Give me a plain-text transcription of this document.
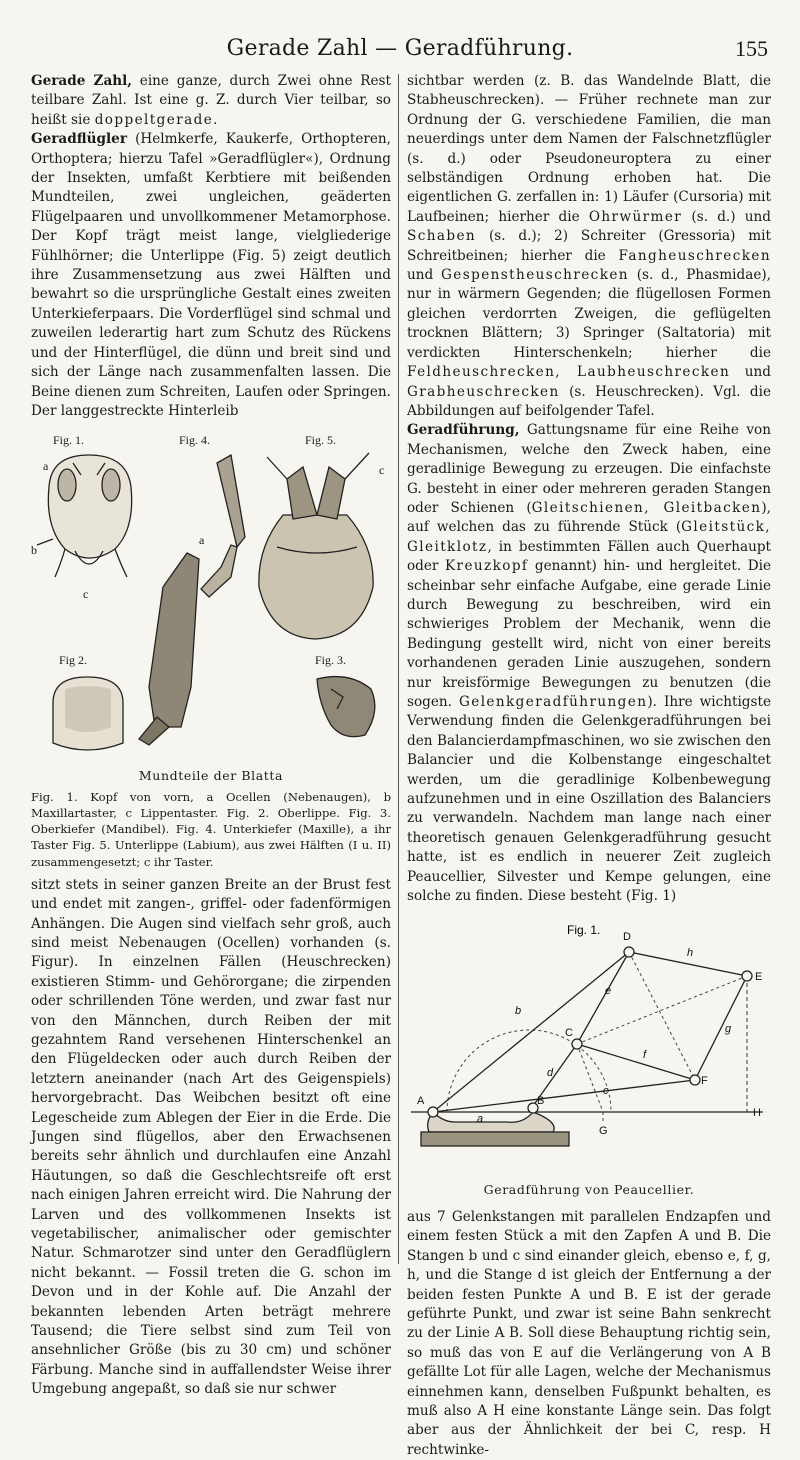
Gerade Zahl — Geradführung.	155

Gerade Zahl, eine ganze, durch Zwei ohne Rest teilbare Zahl. Ist eine g. Z. durch Vier teilbar, so heißt sie doppeltgerade.

Geradflügler (Helmkerfe, Kaukerfe, Orthopteren, Orthoptera; hierzu Tafel »Geradflügler«), Ordnung der Insekten, umfaßt Kerbtiere mit beißenden Mundteilen, zwei ungleichen, geäderten Flügelpaaren und unvollkommener Metamorphose. Der Kopf trägt meist lange, vielgliederige Fühlhörner; die Unterlippe (Fig. 5) zeigt deutlich ihre Zusammensetzung aus zwei Hälften und bewahrt so die ursprüngliche Gestalt eines zweiten Unterkieferpaars. Die Vorderflügel sind schmal und zuweilen lederartig hart zum Schutz des Rückens und der Hinterflügel, die dünn und breit sind und sich der Länge nach zusammenfalten lassen. Die Beine dienen zum Schreiten, Laufen oder Springen. Der langgestreckte Hinterleib

Fig. 1.	Fig. 4.	Fig. 5.
Fig 2.	Fig. 3.
a
b
c
a
c
Mundteile der Blatta
Fig. 1. Kopf von vorn, a Ocellen (Nebenaugen), b Maxillartaster, c Lippentaster. Fig. 2. Oberlippe. Fig. 3. Oberkiefer (Mandibel). Fig. 4. Unterkiefer (Maxille), a ihr Taster Fig. 5. Unterlippe (Labium), aus zwei Hälften (I u. II) zusammengesetzt; c ihr Taster.

sitzt stets in seiner ganzen Breite an der Brust fest und endet mit zangen-, griffel- oder fadenförmigen Anhängen. Die Augen sind vielfach sehr groß, auch sind meist Nebenaugen (Ocellen) vorhanden (s. Figur). In einzelnen Fällen (Heuschrecken) existieren Stimm- und Gehörorgane; die zirpenden oder schrillenden Töne werden, und zwar fast nur von den Männchen, durch Reiben der mit gezahntem Rand versehenen Hinterschenkel an den Flügeldecken oder auch durch Reiben der letztern aneinander (nach Art des Geigenspiels) hervorgebracht. Das Weibchen besitzt oft eine Legescheide zum Ablegen der Eier in die Erde. Die Jungen sind flügellos, aber den Erwachsenen bereits sehr ähnlich und durchlaufen eine Anzahl Häutungen, so daß die Geschlechtsreife oft erst nach einigen Jahren erreicht wird. Die Nahrung der Larven und des vollkommenen Insekts ist vegetabilischer, animalischer oder gemischter Natur. Schmarotzer sind unter den Geradflüglern nicht bekannt. — Fossil treten die G. schon im Devon und in der Kohle auf. Die Anzahl der bekannten lebenden Arten beträgt mehrere Tausend; die Tiere selbst sind zum Teil von ansehnlicher Größe (bis zu 30 cm) und schöner Färbung. Manche sind in auffallendster Weise ihrer Umgebung angepaßt, so daß sie nur schwer

sichtbar werden (z. B. das Wandelnde Blatt, die Stabheuschrecken). — Früher rechnete man zur Ordnung der G. verschiedene Familien, die man neuerdings unter dem Namen der Falschnetzflügler (s. d.) oder Pseudoneuroptera zu einer selbständigen Ordnung erhoben hat. Die eigentlichen G. zerfallen in: 1) Läufer (Cursoria) mit Laufbeinen; hierher die Ohrwürmer (s. d.) und Schaben (s. d.); 2) Schreiter (Gressoria) mit Schreitbeinen; hierher die Fangheuschrecken und Gespenstheuschrecken (s. d., Phasmidae), nur in wärmern Gegenden; die flügellosen Formen gleichen verdorrten Zweigen, die geflügelten trocknen Blättern; 3) Springer (Saltatoria) mit verdickten Hinterschenkeln; hierher die Feldheuschrecken, Laubheuschrecken und Grabheuschrecken (s. Heuschrecken). Vgl. die Abbildungen auf beifolgender Tafel.

Geradführung, Gattungsname für eine Reihe von Mechanismen, welche den Zweck haben, eine geradlinige Bewegung zu erzeugen. Die einfachste G. besteht in einer oder mehreren geraden Stangen oder Schienen (Gleitschienen, Gleitbacken), auf welchen das zu führende Stück (Gleitstück, Gleitklotz, in bestimmten Fällen auch Querhaupt oder Kreuzkopf genannt) hin- und hergleitet. Die scheinbar sehr einfache Aufgabe, eine gerade Linie durch Bewegung zu beschreiben, wird ein schwieriges Problem der Mechanik, wenn die Bedingung gestellt wird, nicht von einer bereits vorhandenen geraden Linie auszugehen, sondern nur kreisförmige Bewegungen zu benutzen (die sogen. Gelenkgeradführungen). Ihre wichtigste Verwendung finden die Gelenkgeradführungen bei den Balancierdampfmaschinen, wo sie zwischen den Balancier und die Kolbenstange eingeschaltet werden, um die geradlinige Kolbenbewegung aufzunehmen und in eine Oszillation des Balanciers zu verwandeln. Nachdem man lange nach einer theoretisch genauen Gelenkgeradführung gesucht hatte, ist es endlich in neuerer Zeit zugleich Peaucellier, Silvester und Kempe gelungen, eine solche zu finden. Diese besteht (Fig. 1)

Fig. 1.
A	B
C
D
E
F
G
H
a
b
c
d
e
f
g
h
Geradführung von Peaucellier.

aus 7 Gelenkstangen mit parallelen Endzapfen und einem festen Stück a mit den Zapfen A und B. Die Stangen b und c sind einander gleich, ebenso e, f, g, h, und die Stange d ist gleich der Entfernung a der beiden festen Punkte A und B. E ist der gerade geführte Punkt, und zwar ist seine Bahn senkrecht zu der Linie A B. Soll diese Behauptung richtig sein, so muß das von E auf die Verlängerung von A B gefällte Lot für alle Lagen, welche der Mechanismus einnehmen kann, denselben Fußpunkt behalten, es muß also A H eine konstante Länge sein. Das folgt aber aus der Ähnlichkeit der bei C, resp. H rechtwinke-
